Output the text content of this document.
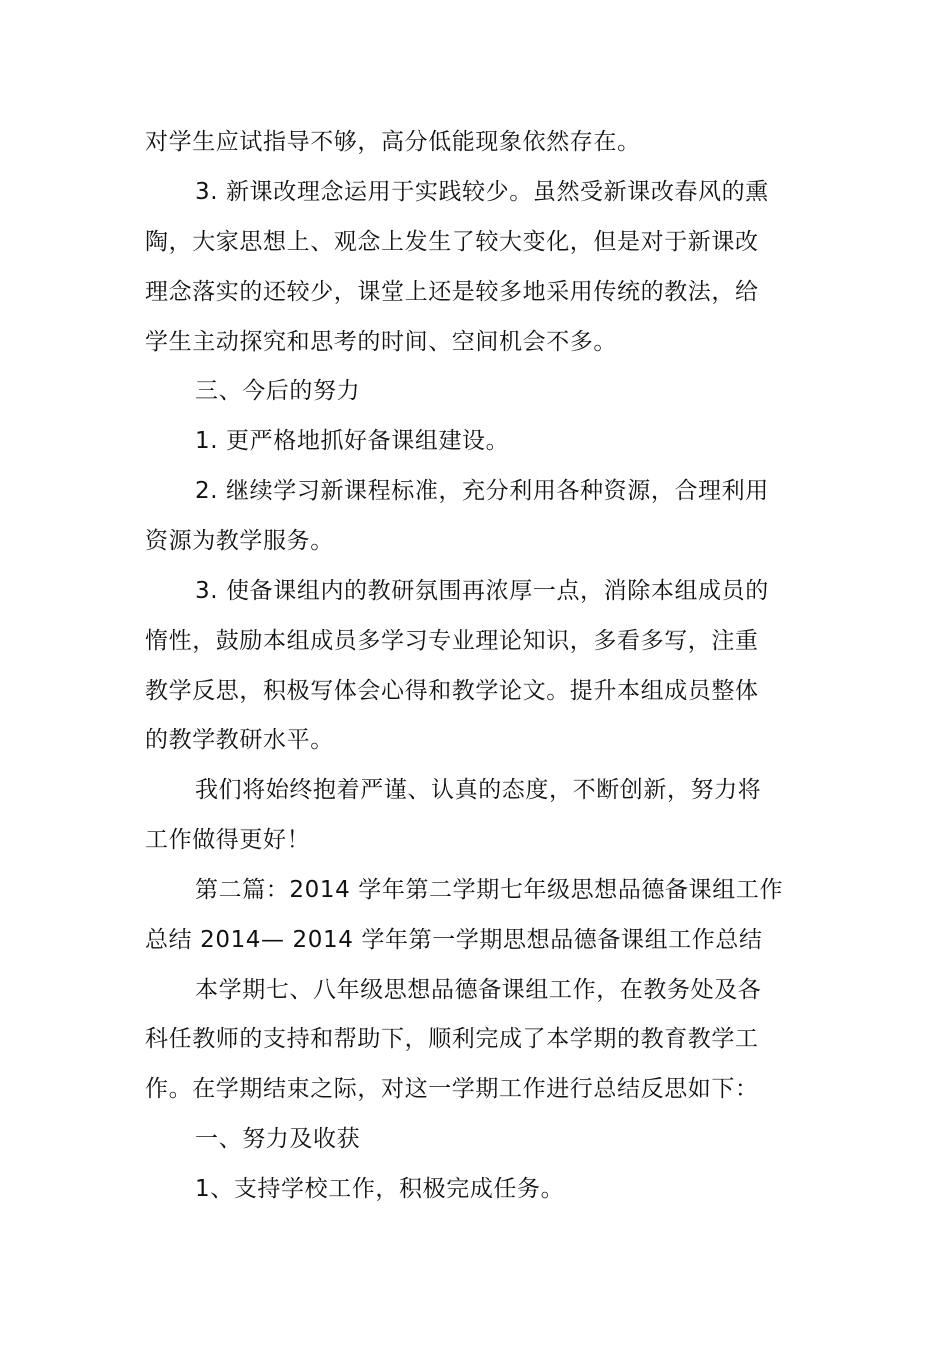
对学生应试指导不够，高分低能现象依然存在。
3. 新课改理念运用于实践较少。虽然受新课改春风的熏
陶，大家思想上、观念上发生了较大变化，但是对于新课改
理念落实的还较少，课堂上还是较多地采用传统的教法，给
学生主动探究和思考的时间、空间机会不多。
三、今后的努力
1. 更严格地抓好备课组建设。
2. 继续学习新课程标准，充分利用各种资源，合理利用
资源为教学服务。
3. 使备课组内的教研氛围再浓厚一点，消除本组成员的
惰性，鼓励本组成员多学习专业理论知识，多看多写，注重
教学反思，积极写体会心得和教学论文。提升本组成员整体
的教学教研水平。
我们将始终抱着严谨、认真的态度，不断创新，努力将
工作做得更好！
第二篇：2014 学年第二学期七年级思想品德备课组工作
总结 2014— 2014 学年第一学期思想品德备课组工作总结
本学期七、八年级思想品德备课组工作，在教务处及各
科任教师的支持和帮助下，顺利完成了本学期的教育教学工
作。在学期结束之际，对这一学期工作进行总结反思如下：
一、努力及收获
1、支持学校工作，积极完成任务。
